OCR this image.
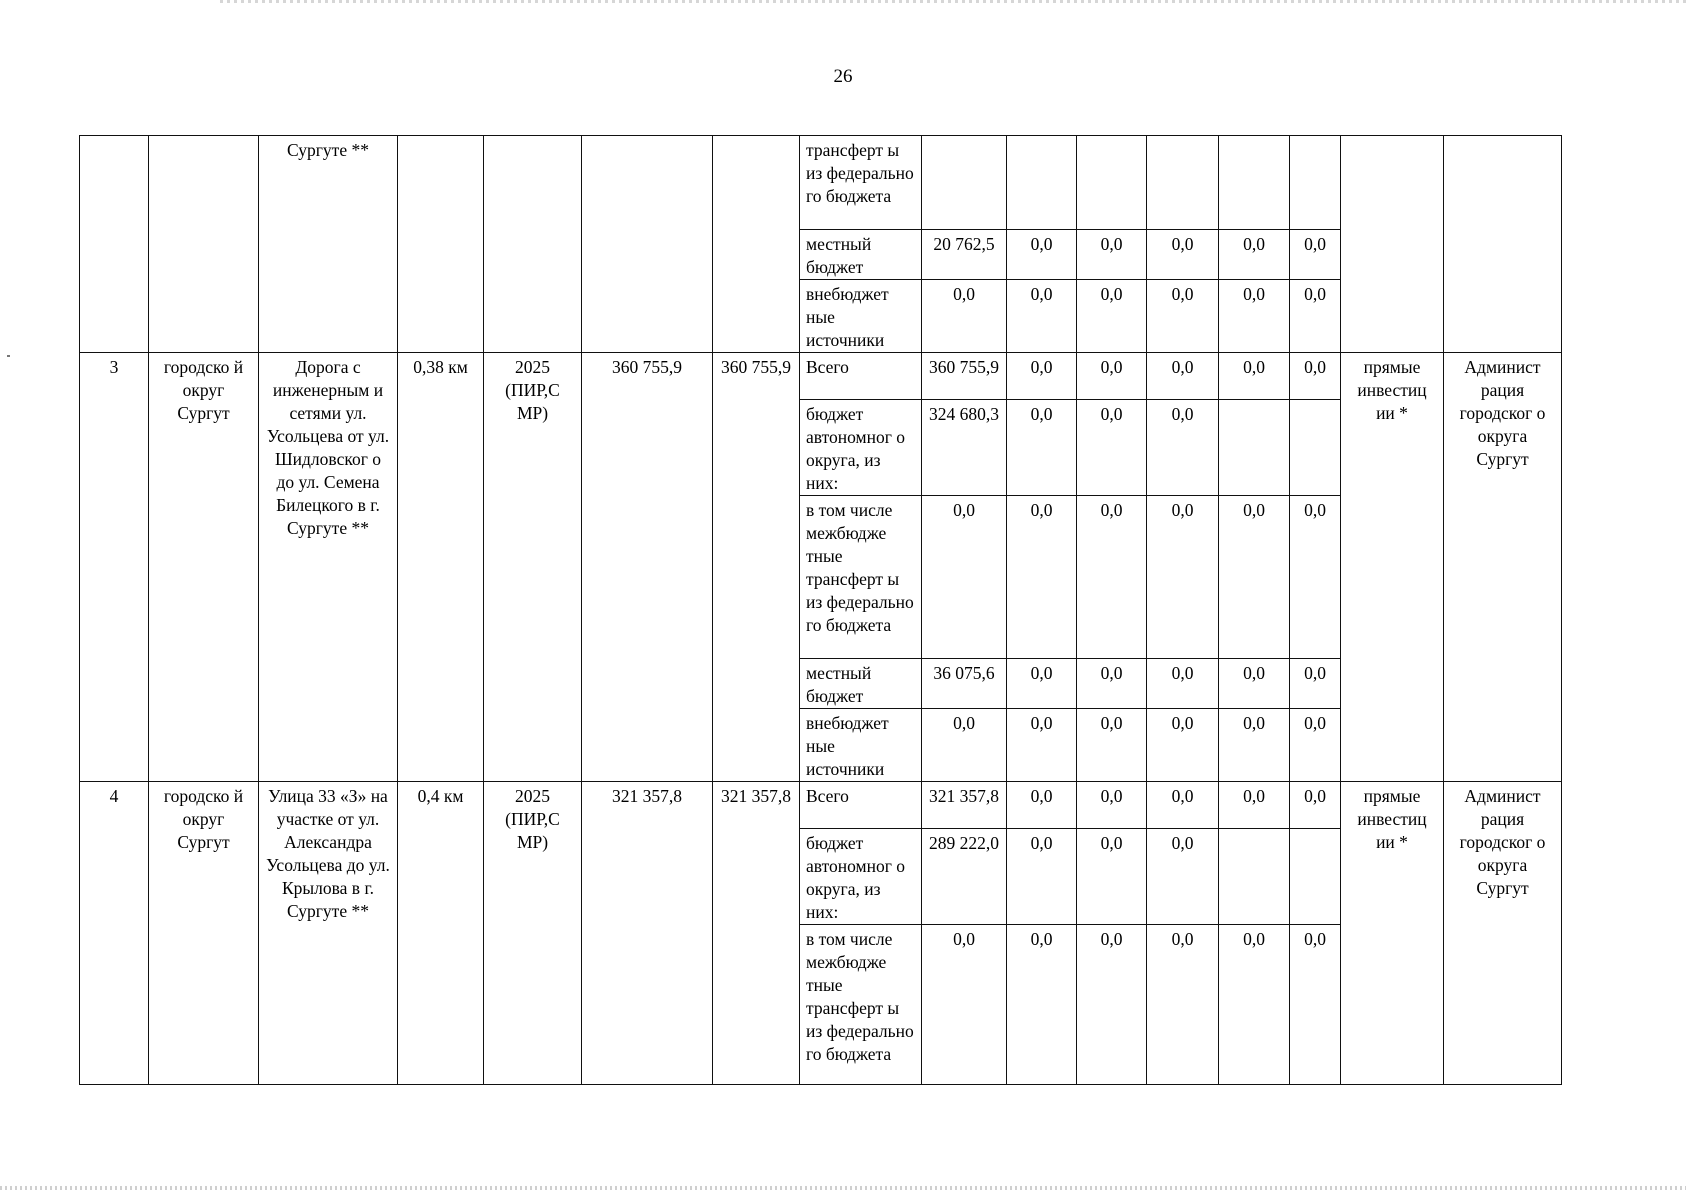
26
		Сургуте **					трансферт ы из федерально го бюджета								
							местный бюджет	20 762,5	0,0	0,0	0,0	0,0	0,0		
							внебюджет ные источники	0,0	0,0	0,0	0,0	0,0	0,0		
3	городско й округ Сургут	Дорога с инженерным и сетями ул. Усольцева от ул. Шидловског о до ул. Семена Билецкого в г. Сургуте **	0,38 км	2025 (ПИР,С МР)	360 755,9	360 755,9	Всего	360 755,9	0,0	0,0	0,0	0,0	0,0	прямые инвестиц ии *	Админист рация городског о округа Сургут
							бюджет автономног о округа, из них:	324 680,3	0,0	0,0	0,0				
							в том числе межбюдже тные трансферт ы из федерально го бюджета	0,0	0,0	0,0	0,0	0,0	0,0		
							местный бюджет	36 075,6	0,0	0,0	0,0	0,0	0,0		
							внебюджет ные источники	0,0	0,0	0,0	0,0	0,0	0,0		
4	городско й округ Сургут	Улица 33 «З» на участке от ул. Александра Усольцева до ул. Крылова в г. Сургуте **	0,4 км	2025 (ПИР,С МР)	321 357,8	321 357,8	Всего	321 357,8	0,0	0,0	0,0	0,0	0,0	прямые инвестиц ии *	Админист рация городског о округа Сургут
							бюджет автономног о округа, из них:	289 222,0	0,0	0,0	0,0				
							в том числе межбюдже тные трансферт ы из федерально го бюджета	0,0	0,0	0,0	0,0	0,0	0,0		
